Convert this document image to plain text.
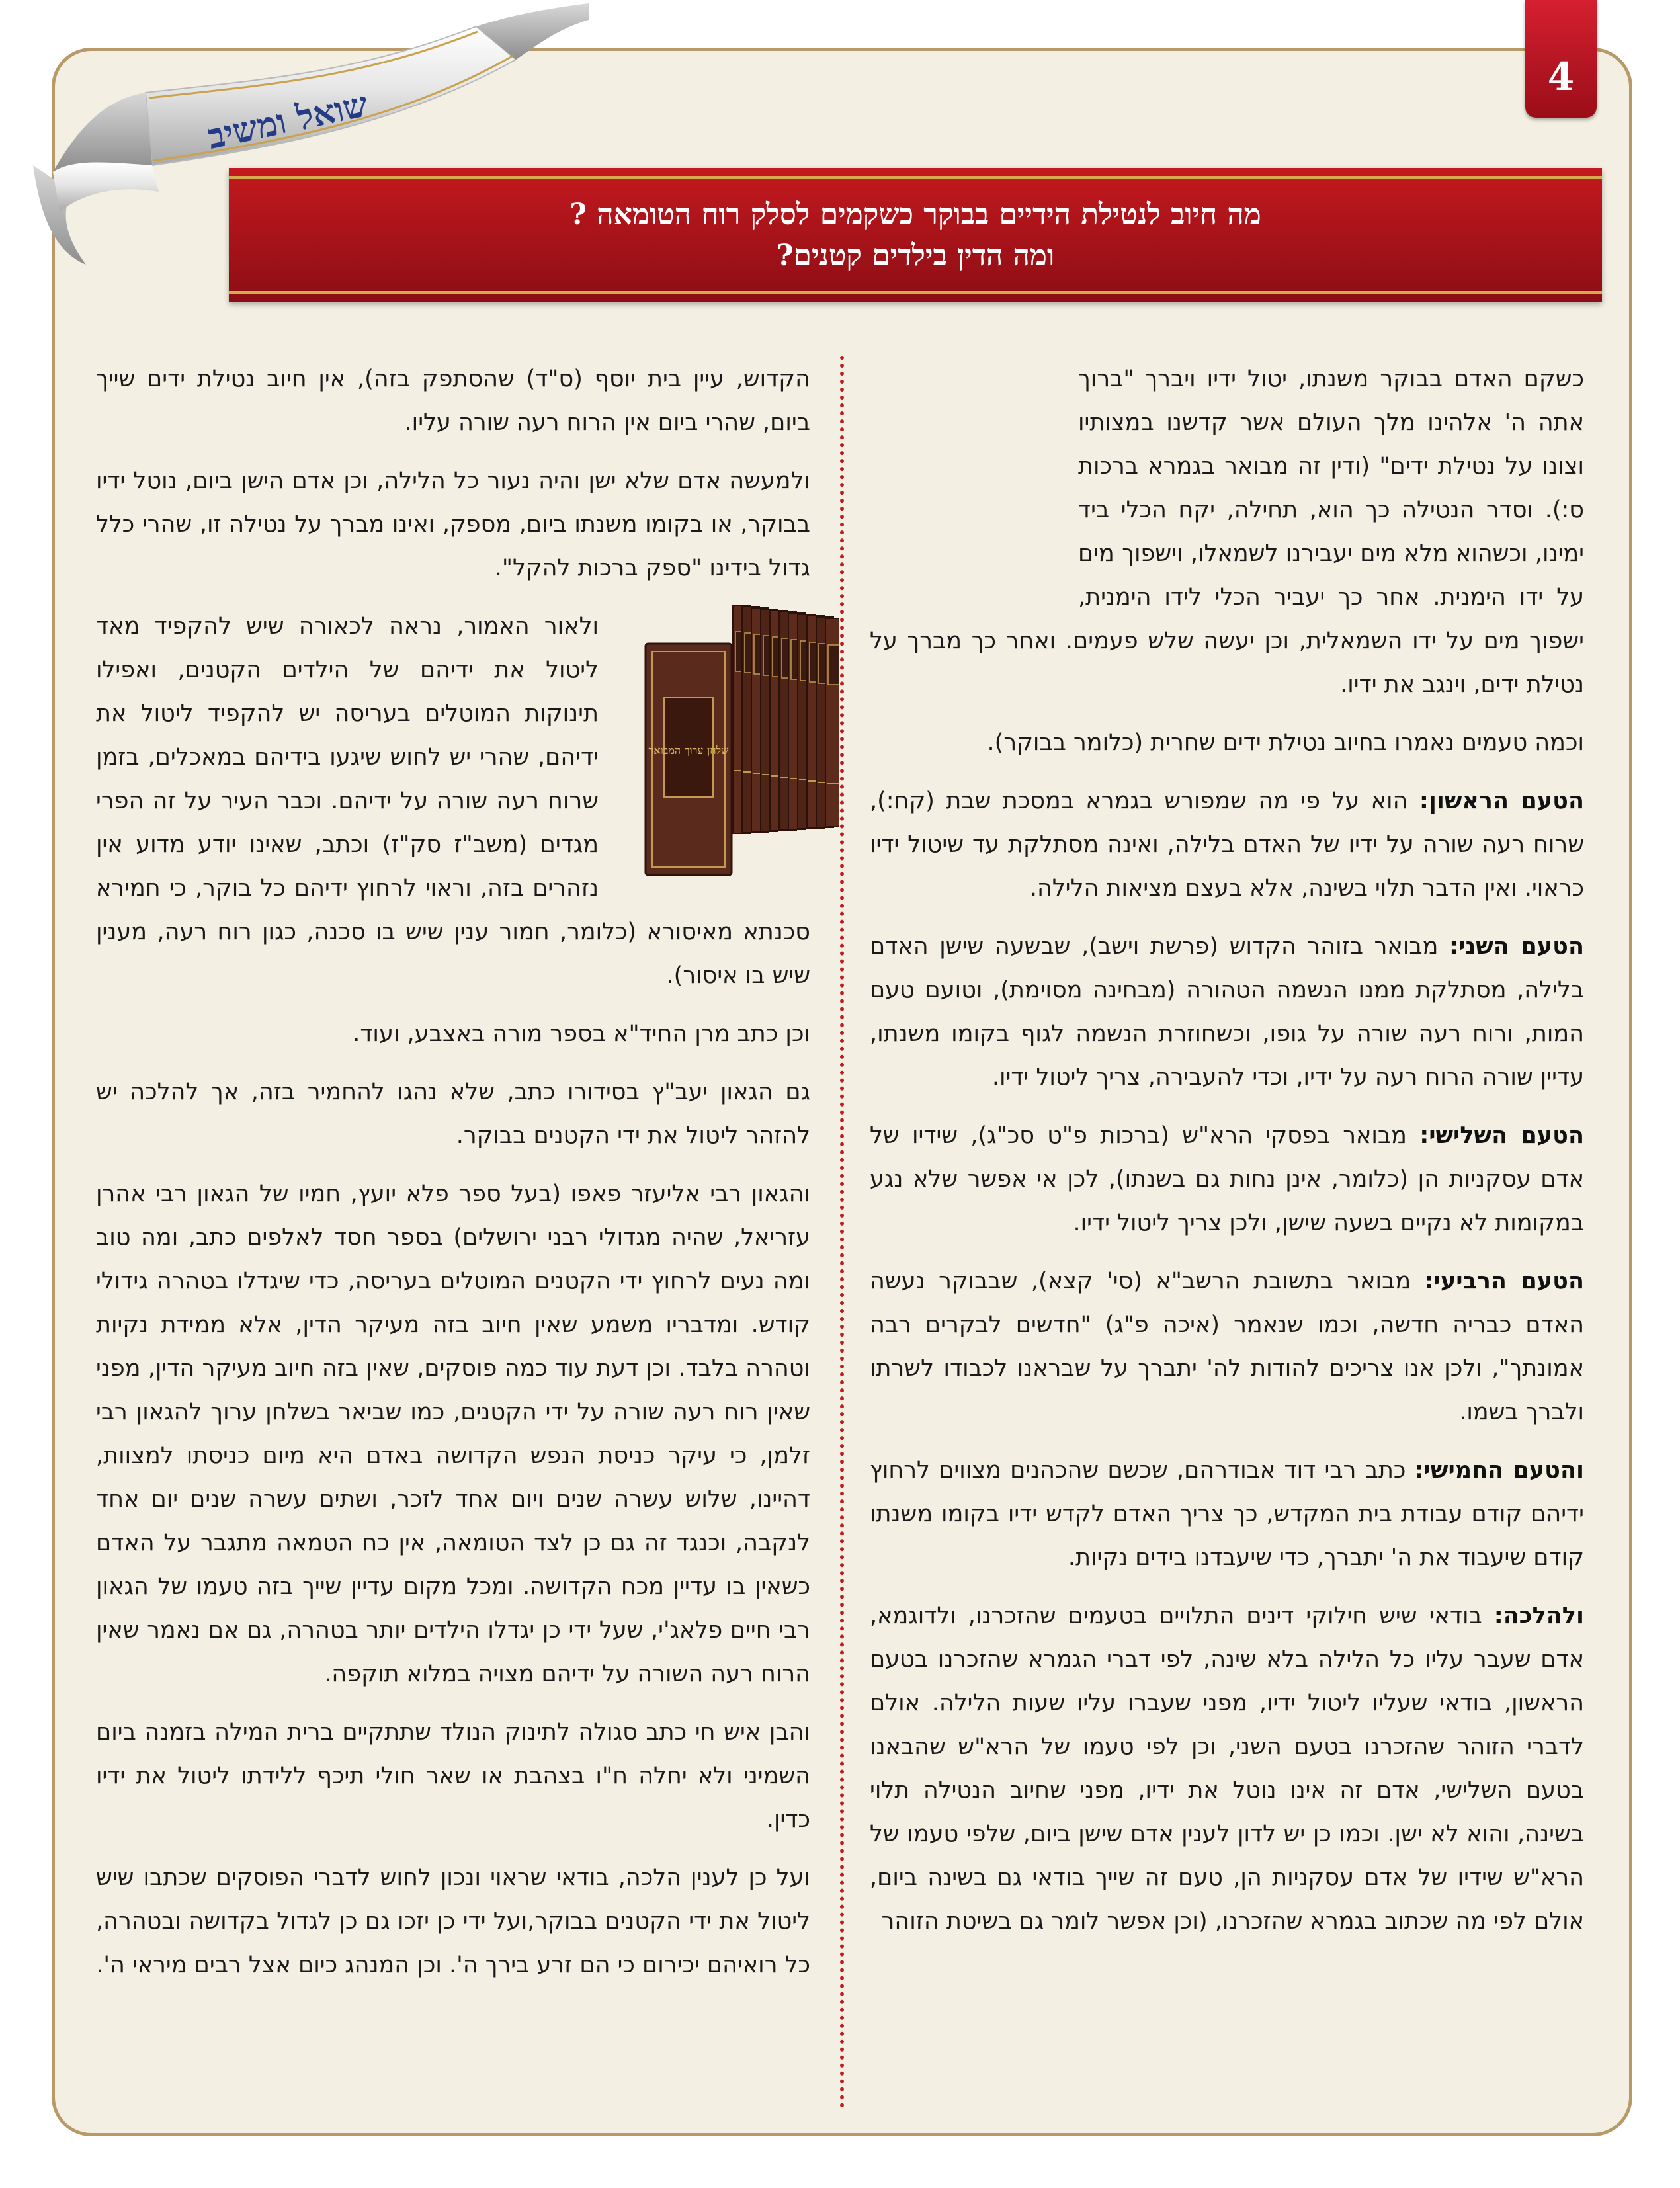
4
שואל ומשיב
מה חיוב לנטילת הידיים בבוקר כשקמים לסלק רוח הטומאה ?
ומה הדין בילדים קטנים?
שלחן ערוך המבואר

כשקם האדם בבוקר משנתו, יטול ידיו ויברך "ברוך אתה ה' אלהינו מלך העולם אשר קדשנו במצותיו וצונו על נטילת ידים" (ודין זה מבואר בגמרא ברכות ס:). וסדר הנטילה כך הוא, תחילה, יקח הכלי ביד ימינו, וכשהוא מלא מים יעבירנו לשמאלו, וישפוך מים על ידו הימנית. אחר כך יעביר הכלי לידו הימנית, ישפוך מים על ידו השמאלית, וכן יעשה שלש פעמים. ואחר כך מברך על נטילת ידים, וינגב את ידיו.

וכמה טעמים נאמרו בחיוב נטילת ידים שחרית (כלומר בבוקר).

הטעם הראשון: הוא על פי מה שמפורש בגמרא במסכת שבת (קח:), שרוח רעה שורה על ידיו של האדם בלילה, ואינה מסתלקת עד שיטול ידיו כראוי. ואין הדבר תלוי בשינה, אלא בעצם מציאות הלילה.

הטעם השני: מבואר בזוהר הקדוש (פרשת וישב), שבשעה שישן האדם בלילה, מסתלקת ממנו הנשמה הטהורה (מבחינה מסוימת), וטועם טעם המות, ורוח רעה שורה על גופו, וכשחוזרת הנשמה לגוף בקומו משנתו, עדיין שורה הרוח רעה על ידיו, וכדי להעבירה, צריך ליטול ידיו.

הטעם השלישי: מבואר בפסקי הרא"ש (ברכות פ"ט סכ"ג), שידיו של אדם עסקניות הן (כלומר, אינן נחות גם בשנתו), לכן אי אפשר שלא נגע במקומות לא נקיים בשעה שישן, ולכן צריך ליטול ידיו.

הטעם הרביעי: מבואר בתשובת הרשב"א (סי' קצא), שבבוקר נעשה האדם כבריה חדשה, וכמו שנאמר (איכה פ"ג) "חדשים לבקרים רבה אמונתך", ולכן אנו צריכים להודות לה' יתברך על שבראנו לכבודו לשרתו ולברך בשמו.

והטעם החמישי: כתב רבי דוד אבודרהם, שכשם שהכהנים מצווים לרחוץ ידיהם קודם עבודת בית המקדש, כך צריך האדם לקדש ידיו בקומו משנתו קודם שיעבוד את ה' יתברך, כדי שיעבדנו בידים נקיות.

ולהלכה: בודאי שיש חילוקי דינים התלויים בטעמים שהזכרנו, ולדוגמא, אדם שעבר עליו כל הלילה בלא שינה, לפי דברי הגמרא שהזכרנו בטעם הראשון, בודאי שעליו ליטול ידיו, מפני שעברו עליו שעות הלילה. אולם לדברי הזוהר שהזכרנו בטעם השני, וכן לפי טעמו של הרא"ש שהבאנו בטעם השלישי, אדם זה אינו נוטל את ידיו, מפני שחיוב הנטילה תלוי בשינה, והוא לא ישן. וכמו כן יש לדון לענין אדם שישן ביום, שלפי טעמו של הרא"ש שידיו של אדם עסקניות הן, טעם זה שייך בודאי גם בשינה ביום, אולם לפי מה שכתוב בגמרא שהזכרנו, (וכן אפשר לומר גם בשיטת הזוהר

הקדוש, עיין בית יוסף (ס"ד) שהסתפק בזה), אין חיוב נטילת ידים שייך ביום, שהרי ביום אין הרוח רעה שורה עליו.

ולמעשה אדם שלא ישן והיה נעור כל הלילה, וכן אדם הישן ביום, נוטל ידיו בבוקר, או בקומו משנתו ביום, מספק, ואינו מברך על נטילה זו, שהרי כלל גדול בידינו "ספק ברכות להקל".

ולאור האמור, נראה לכאורה שיש להקפיד מאד ליטול את ידיהם של הילדים הקטנים, ואפילו תינוקות המוטלים בעריסה יש להקפיד ליטול את ידיהם, שהרי יש לחוש שיגעו בידיהם במאכלים, בזמן שרוח רעה שורה על ידיהם. וכבר העיר על זה הפרי מגדים (משב"ז סק"ז) וכתב, שאינו יודע מדוע אין נזהרים בזה, וראוי לרחוץ ידיהם כל בוקר, כי חמירא סכנתא מאיסורא (כלומר, חמור ענין שיש בו סכנה, כגון רוח רעה, מענין שיש בו איסור).

וכן כתב מרן החיד"א בספר מורה באצבע, ועוד.

גם הגאון יעב"ץ בסידורו כתב, שלא נהגו להחמיר בזה, אך להלכה יש להזהר ליטול את ידי הקטנים בבוקר.

והגאון רבי אליעזר פאפו (בעל ספר פלא יועץ, חמיו של הגאון רבי אהרן עזריאל, שהיה מגדולי רבני ירושלים) בספר חסד לאלפים כתב, ומה טוב ומה נעים לרחוץ ידי הקטנים המוטלים בעריסה, כדי שיגדלו בטהרה גידולי קודש. ומדבריו משמע שאין חיוב בזה מעיקר הדין, אלא ממידת נקיות וטהרה בלבד. וכן דעת עוד כמה פוסקים, שאין בזה חיוב מעיקר הדין, מפני שאין רוח רעה שורה על ידי הקטנים, כמו שביאר בשלחן ערוך להגאון רבי זלמן, כי עיקר כניסת הנפש הקדושה באדם היא מיום כניסתו למצוות, דהיינו, שלוש עשרה שנים ויום אחד לזכר, ושתים עשרה שנים יום אחד לנקבה, וכנגד זה גם כן לצד הטומאה, אין כח הטמאה מתגבר על האדם כשאין בו עדיין מכח הקדושה. ומכל מקום עדיין שייך בזה טעמו של הגאון רבי חיים פלאג'י, שעל ידי כן יגדלו הילדים יותר בטהרה, גם אם נאמר שאין הרוח רעה השורה על ידיהם מצויה במלוא תוקפה.

והבן איש חי כתב סגולה לתינוק הנולד שתתקיים ברית המילה בזמנה ביום השמיני ולא יחלה ח"ו בצהבת או שאר חולי תיכף ללידתו ליטול את ידיו כדין.

ועל כן לענין הלכה, בודאי שראוי ונכון לחוש לדברי הפוסקים שכתבו שיש ליטול את ידי הקטנים בבוקר,ועל ידי כן יזכו גם כן לגדול בקדושה ובטהרה, כל רואיהם יכירום כי הם זרע בירך ה'. וכן המנהג כיום אצל רבים מיראי ה'.
